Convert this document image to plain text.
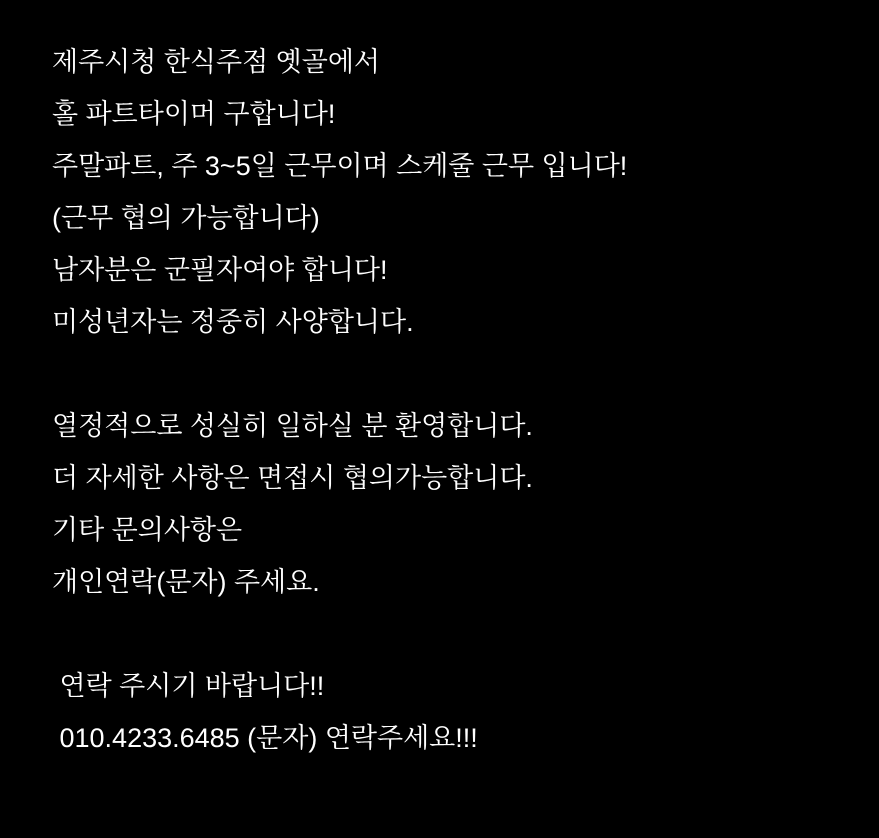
제주시청 한식주점 옛골에서
홀 파트타이머 구합니다!
주말파트, 주 3~5일 근무이며 스케줄 근무 입니다!
(근무 협의 가능합니다)
남자분은 군필자여야 합니다!
미성년자는 정중히 사양합니다.
열정적으로 성실히 일하실 분 환영합니다.
더 자세한 사항은 면접시 협의가능합니다.
기타 문의사항은
개인연락(문자) 주세요.
연락 주시기 바랍니다!!
010.4233.6485 (문자) 연락주세요!!!
